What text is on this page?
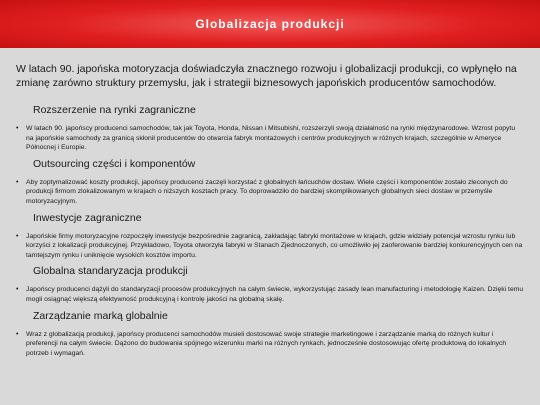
Globalizacja produkcji

W latach 90. japońska motoryzacja doświadczyła znacznego rozwoju i globalizacji produkcji, co wpłynęło na zmianę zarówno struktury przemysłu, jak i strategii biznesowych japońskich producentów samochodów.

Rozszerzenie na rynki zagraniczne
• W latach 90. japońscy producenci samochodów, tak jak Toyota, Honda, Nissan i Mitsubishi, rozszerzyli swoją działalność na rynki międzynarodowe. Wzrost popytu na japońskie samochody za granicą skłonił producentów do otwarcia fabryk montażowych i centrów produkcyjnych w różnych krajach, szczególnie w Ameryce Północnej i Europie.
Outsourcing części i komponentów
• Aby zoptymalizować koszty produkcji, japońscy producenci zaczęli korzystać z globalnych łańcuchów dostaw. Wiele części i komponentów zostało zleconych do produkcji firmom zlokalizowanym w krajach o niższych kosztach pracy. To doprowadziło do bardziej skomplikowanych globalnych sieci dostaw w przemyśle motoryzacyjnym.
Inwestycje zagraniczne
• Japońskie firmy motoryzacyjne rozpoczęły inwestycje bezpośrednie zagranicą, zakładając fabryki montażowe w krajach, gdzie widziały potencjał wzrostu rynku lub korzyści z lokalizacji produkcyjnej. Przykładowo, Toyota otworzyła fabryki w Stanach Zjednoczonych, co umożliwiło jej zaoferowanie bardziej konkurencyjnych cen na tamtejszym rynku i uniknięcie wysokich kosztów importu.
Globalna standaryzacja produkcji
• Japońscy producenci dążyli do standaryzacji procesów produkcyjnych na całym świecie, wykorzystując zasady lean manufacturing i metodologię Kaizen. Dzięki temu mogli osiągnąć większą efektywność produkcyjną i kontrolę jakości na globalną skalę.
Zarządzanie marką globalnie
• Wraz z globalizacją produkcji, japońscy producenci samochodów musieli dostosować swoje strategie marketingowe i zarządzanie marką do różnych kultur i preferencji na całym świecie. Dążono do budowania spójnego wizerunku marki na różnych rynkach, jednocześnie dostosowując ofertę produktową do lokalnych potrzeb i wymagań.
